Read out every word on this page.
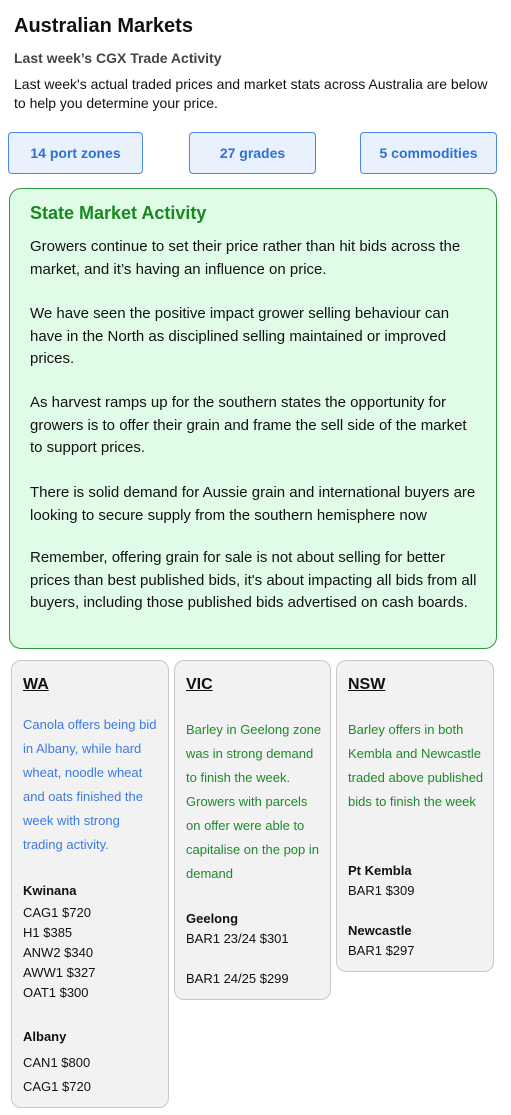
Australian Markets
Last week’s CGX Trade Activity
Last week's actual traded prices and market stats across Australia are below to help you determine your price.
14 port zones	27 grades	5 commodities
State Market Activity
Growers continue to set their price rather than hit bids across the market, and it’s having an influence on price.
We have seen the positive impact grower selling behaviour can have in the North as disciplined selling maintained or improved prices.
As harvest ramps up for the southern states the opportunity for growers is to offer their grain and frame the sell side of the market to support prices.
There is solid demand for Aussie grain and international buyers are looking to secure supply from the southern hemisphere now
Remember, offering grain for sale is not about selling for better prices than best published bids, it's about impacting all bids from all buyers, including those published bids advertised on cash boards.
WA
Canola offers being bid in Albany, while hard wheat, noodle wheat and oats finished the week with strong trading activity.
Kwinana
CAG1 $720
H1 $385
ANW2 $340
AWW1 $327
OAT1 $300
Albany
CAN1 $800
CAG1 $720
VIC
Barley in Geelong zone was in strong demand to finish the week. Growers with parcels on offer were able to capitalise on the pop in demand
Geelong
BAR1 23/24 $301
BAR1 24/25 $299
NSW
Barley offers in both Kembla and Newcastle traded above published bids to finish the week
Pt Kembla
BAR1 $309
Newcastle
BAR1 $297
